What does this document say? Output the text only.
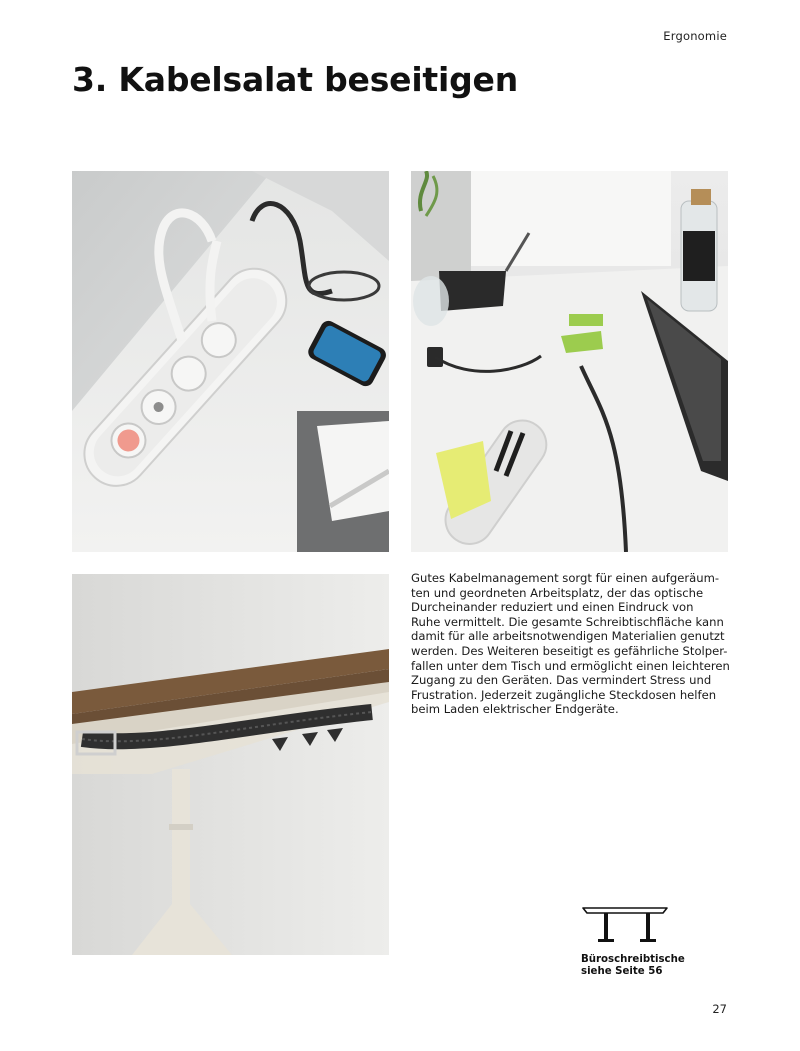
Ergonomie
3. Kabelsalat beseitigen

Gutes Kabelmanagement sorgt für einen aufgeräum-
ten und geordneten Arbeitsplatz, der das optische
Durcheinander reduziert und einen Eindruck von
Ruhe vermittelt. Die gesamte Schreibtischfläche kann
damit für alle arbeitsnotwendigen Materialien genutzt
werden. Des Weiteren beseitigt es gefährliche Stolper-
fallen unter dem Tisch und ermöglicht einen leichteren
Zugang zu den Geräten. Das vermindert Stress und
Frustration. Jederzeit zugängliche Steckdosen helfen
beim Laden elektrischer Endgeräte.

Büroschreibtische
siehe Seite 56
27
